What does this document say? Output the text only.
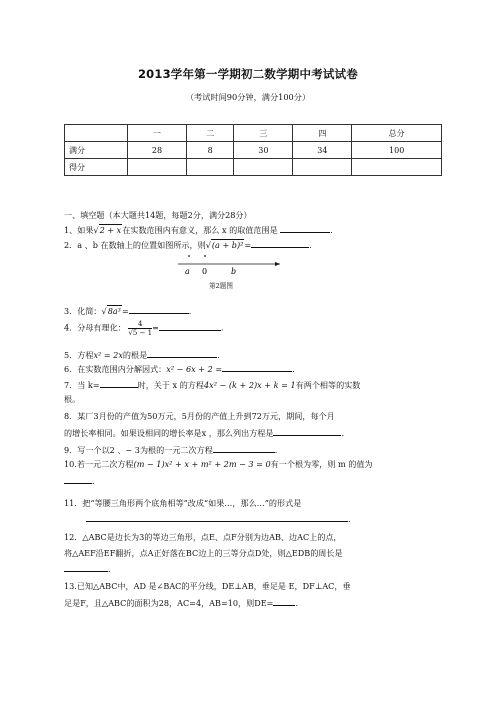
2013学年第一学期初二数学期中考试试卷
（考试时间90分钟，满分100分）
	一	二	三	四	总分
满分	28	8	30	34	100
得分					
一、填空题（本大题共14题，每题2分，满分28分）
1、如果√2 + x在实数范围内有意义，那么 x 的取值范围是	.
2．a 、b 在数轴上的位置如图所示，则√(a + b)²=	.
a 0	b
第2题图
3．化简：√8a³=	.
4．分母有理化： $\frac{4}{√5 - 1}$ =	.
5．方程x² = 2x的根是	.
6．在实数范围内分解因式：x² − 6x + 2 =	.
7．当 k=	时，关于 x 的方程4x² − (k + 2)x + k = 1有两个相等的实数
根。
8．某厂3月份的产值为50万元，5月份的产值上升到72万元，期间，每个月
的增长率相同。如果设相同的增长率是x ，那么列出方程是	.
9．写一个以2 、− 3为根的一元二次方程	.
10.若一元二次方程(m − 1)x² + x + m² + 2m − 3 = 0有一个根为零，则 m 的值为
.
11．把“等腰三角形两个底角相等”改成“如果…，那么…”的形式是
.
12．△ABC是边长为3的等边三角形，点E、点F分别为边AB、边AC上的点，
将△AEF沿EF翻折，点A正好落在BC边上的三等分点D处，则△EDB的周长是
.
13.已知△ABC中，AD 是∠BAC的平分线，DE⊥AB，垂足是 E，DF⊥AC，垂
足是F，且△ABC的面积为28，AC=4，AB=10，则DE=	.
